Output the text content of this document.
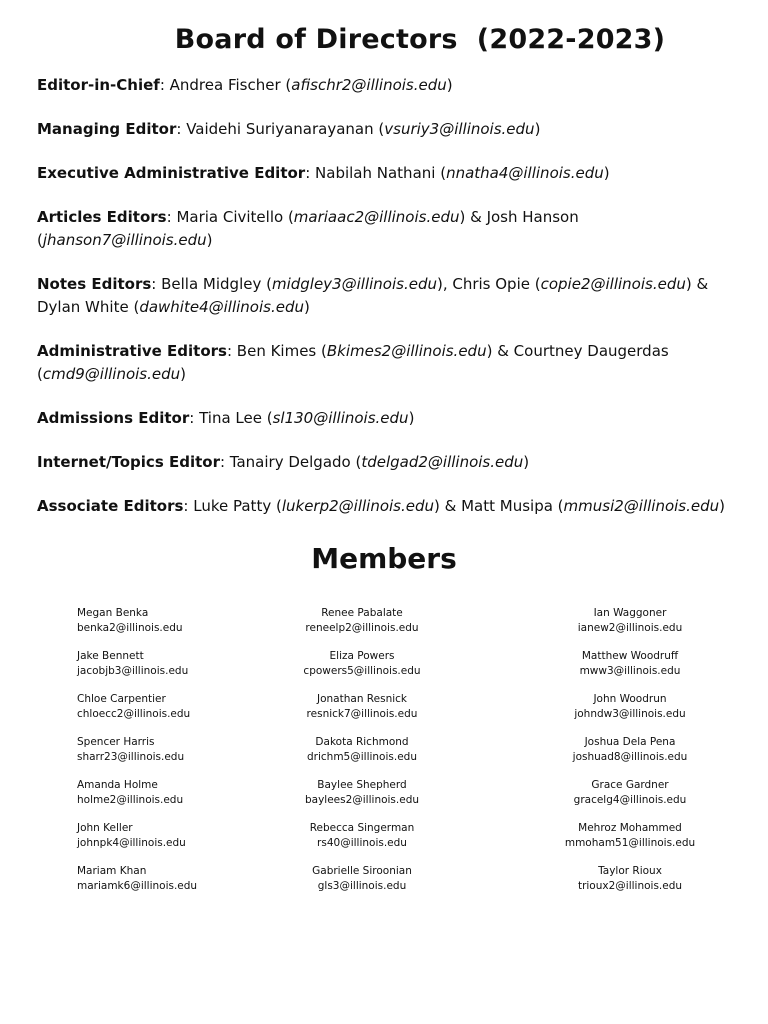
Board of Directors  (2022-2023)

Editor-in-Chief: Andrea Fischer (afischr2@illinois.edu)

Managing Editor: Vaidehi Suriyanarayanan (vsuriy3@illinois.edu)

Executive Administrative Editor: Nabilah Nathani (nnatha4@illinois.edu)

Articles Editors: Maria Civitello (mariaac2@illinois.edu) & Josh Hanson (jhanson7@illinois.edu)

Notes Editors: Bella Midgley (midgley3@illinois.edu), Chris Opie (copie2@illinois.edu) & Dylan White (dawhite4@illinois.edu)

Administrative Editors: Ben Kimes (Bkimes2@illinois.edu) & Courtney Daugerdas (cmd9@illinois.edu)

Admissions Editor: Tina Lee (sl130@illinois.edu)

Internet/Topics Editor: Tanairy Delgado (tdelgad2@illinois.edu)

Associate Editors: Luke Patty (lukerp2@illinois.edu) & Matt Musipa (mmusi2@illinois.edu)

Members
Megan Benka
benka2@illinois.edu
Jake Bennett
jacobjb3@illinois.edu
Chloe Carpentier
chloecc2@illinois.edu
Spencer Harris
sharr23@illinois.edu
Amanda Holme
holme2@illinois.edu
John Keller
johnpk4@illinois.edu
Mariam Khan
mariamk6@illinois.edu
Renee Pabalate
reneelp2@illinois.edu
Eliza Powers
cpowers5@illinois.edu
Jonathan Resnick
resnick7@illinois.edu
Dakota Richmond
drichm5@illinois.edu
Baylee Shepherd
baylees2@illinois.edu
Rebecca Singerman
rs40@illinois.edu
Gabrielle Siroonian
gls3@illinois.edu
Ian Waggoner
ianew2@illinois.edu
Matthew Woodruff
mww3@illinois.edu
John Woodrun
johndw3@illinois.edu
Joshua Dela Pena
joshuad8@illinois.edu
Grace Gardner
gracelg4@illinois.edu
Mehroz Mohammed
mmoham51@illinois.edu
Taylor Rioux
trioux2@illinois.edu
